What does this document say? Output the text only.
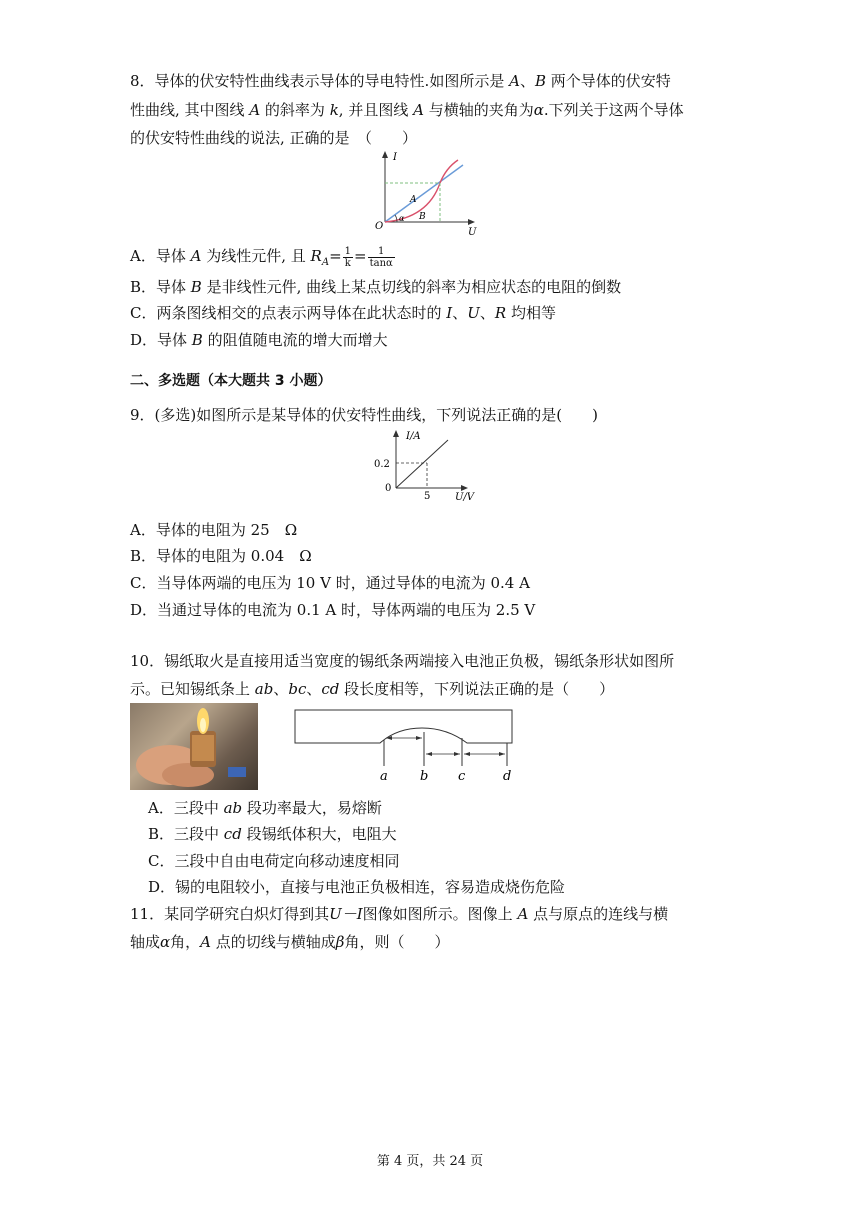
8．导体的伏安特性曲线表示导体的导电特性.如图所示是 A、B 两个导体的伏安特
性曲线, 其中图线 A 的斜率为 k, 并且图线 A 与横轴的夹角为α.下列关于这两个导体
的伏安特性曲线的说法, 正确的是　（　　）
I
U
O
A
B
α
A．导体 A 为线性元件, 且 $R_A= \frac{1}{k} = \frac{1}{\tan\alpha}$
B．导体 B 是非线性元件, 曲线上某点切线的斜率为相应状态的电阻的倒数
C．两条图线相交的点表示两导体在此状态时的 I、U、R 均相等
D．导体 B 的阻值随电流的增大而增大
二、多选题（本大题共 3 小题）
9．(多选)如图所示是某导体的伏安特性曲线，下列说法正确的是(　　)
I/A
U/V
0.2
5
0
A．导体的电阻为 25　Ω
B．导体的电阻为 0.04　Ω
C．当导体两端的电压为 10 V 时，通过导体的电流为 0.4 A
D．当通过导体的电流为 0.1 A 时，导体两端的电压为 2.5 V
10．锡纸取火是直接用适当宽度的锡纸条两端接入电池正负极，锡纸条形状如图所
示。已知锡纸条上 ab、bc、cd 段长度相等，下列说法正确的是（　　）
a b c	d
A．三段中 ab 段功率最大，易熔断
B．三段中 cd 段锡纸体积大，电阻大
C．三段中自由电荷定向移动速度相同
D．锡的电阻较小，直接与电池正负极相连，容易造成烧伤危险
11．某同学研究白炽灯得到其U－I图像如图所示。图像上 A 点与原点的连线与横
轴成α角，A 点的切线与横轴成β角，则（　　）
第 4 页，共 24 页
